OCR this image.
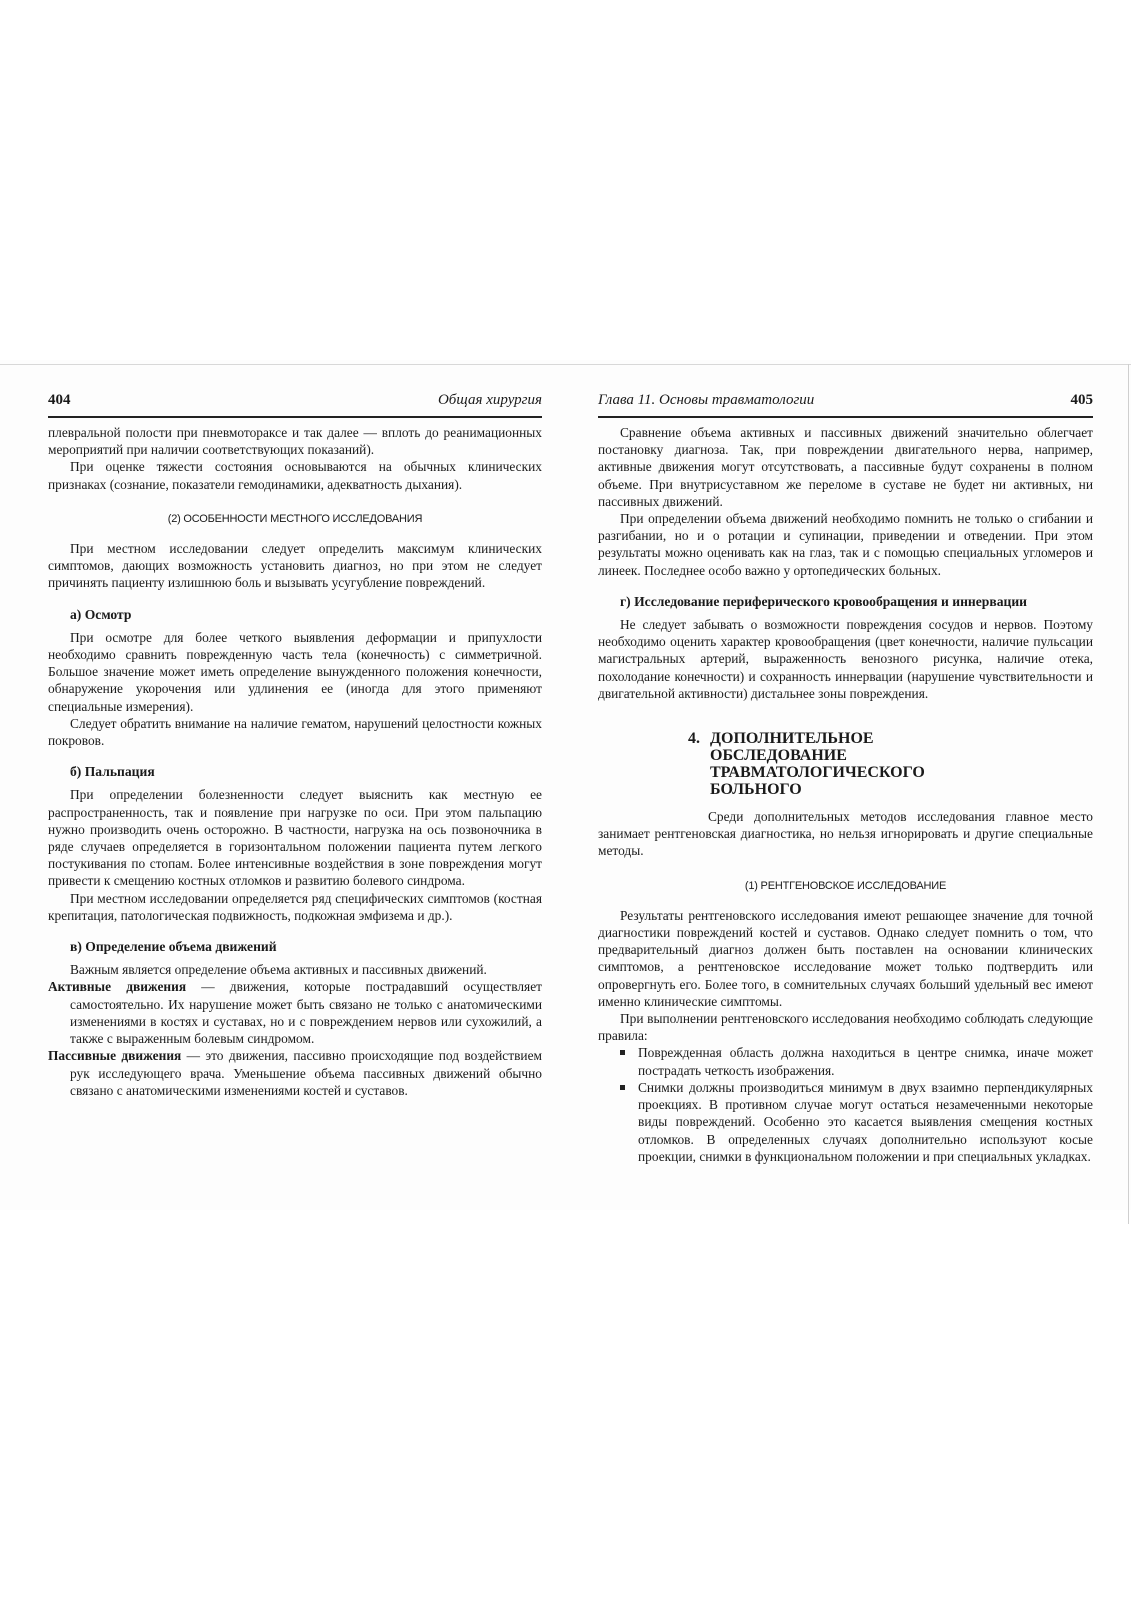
404	Общая хирургия

плевральной полости при пневмотораксе и так далее — вплоть до реанимационных мероприятий при наличии соответствующих показаний).

При оценке тяжести состояния основываются на обычных клинических признаках (сознание, показатели гемодинамики, адекватность дыхания).

(2) ОСОБЕННОСТИ МЕСТНОГО ИССЛЕДОВАНИЯ

При местном исследовании следует определить максимум клинических симптомов, дающих возможность установить диагноз, но при этом не следует причинять пациенту излишнюю боль и вызывать усугубление повреждений.

а) Осмотр

При осмотре для более четкого выявления деформации и припухлости необходимо сравнить поврежденную часть тела (конечность) с симметричной. Большое значение может иметь определение вынужденного положения конечности, обнаружение укорочения или удлинения ее (иногда для этого применяют специальные измерения).

Следует обратить внимание на наличие гематом, нарушений целостности кожных покровов.

б) Пальпация

При определении болезненности следует выяснить как местную ее распространенность, так и появление при нагрузке по оси. При этом пальпацию нужно производить очень осторожно. В частности, нагрузка на ось позвоночника в ряде случаев определяется в горизонтальном положении пациента путем легкого постукивания по стопам. Более интенсивные воздействия в зоне повреждения могут привести к смещению костных отломков и развитию болевого синдрома.

При местном исследовании определяется ряд специфических симптомов (костная крепитация, патологическая подвижность, подкожная эмфизема и др.).

в) Определение объема движений

Важным является определение объема активных и пассивных движений.

Активные движения — движения, которые пострадавший осуществляет самостоятельно. Их нарушение может быть связано не только с анатомическими изменениями в костях и суставах, но и с повреждением нервов или сухожилий, а также с выраженным болевым синдромом.

Пассивные движения — это движения, пассивно происходящие под воздействием рук исследующего врача. Уменьшение объема пассивных движений обычно связано с анатомическими изменениями костей и суставов.

Глава 11. Основы травматологии	405

Сравнение объема активных и пассивных движений значительно облегчает постановку диагноза. Так, при повреждении двигательного нерва, например, активные движения могут отсутствовать, а пассивные будут сохранены в полном объеме. При внутрисуставном же переломе в суставе не будет ни активных, ни пассивных движений.

При определении объема движений необходимо помнить не только о сгибании и разгибании, но и о ротации и супинации, приведении и отведении. При этом результаты можно оценивать как на глаз, так и с помощью специальных угломеров и линеек. Последнее особо важно у ортопедических больных.

г) Исследование периферического кровообращения и иннервации

Не следует забывать о возможности повреждения сосудов и нервов. Поэтому необходимо оценить характер кровообращения (цвет конечности, наличие пульсации магистральных артерий, выраженность венозного рисунка, наличие отека, похолодание конечности) и сохранность иннервации (нарушение чувствительности и двигательной активности) дистальнее зоны повреждения.

4. ДОПОЛНИТЕЛЬНОЕ
ОБСЛЕДОВАНИЕ
ТРАВМАТОЛОГИЧЕСКОГО
БОЛЬНОГО

Среди дополнительных методов исследования главное место занимает рентгеновская диагностика, но нельзя игнорировать и другие специальные методы.

(1) РЕНТГЕНОВСКОЕ ИССЛЕДОВАНИЕ

Результаты рентгеновского исследования имеют решающее значение для точной диагностики повреждений костей и суставов. Однако следует помнить о том, что предварительный диагноз должен быть поставлен на основании клинических симптомов, а рентгеновское исследование может только подтвердить или опровергнуть его. Более того, в сомнительных случаях больший удельный вес имеют именно клинические симптомы.

При выполнении рентгеновского исследования необходимо соблюдать следующие правила:

Поврежденная область должна находиться в центре снимка, иначе может пострадать четкость изображения.
Снимки должны производиться минимум в двух взаимно перпендикулярных проекциях. В противном случае могут остаться незамеченными некоторые виды повреждений. Особенно это касается выявления смещения костных отломков. В определенных случаях дополнительно используют косые проекции, снимки в функциональном положении и при специальных укладках.
